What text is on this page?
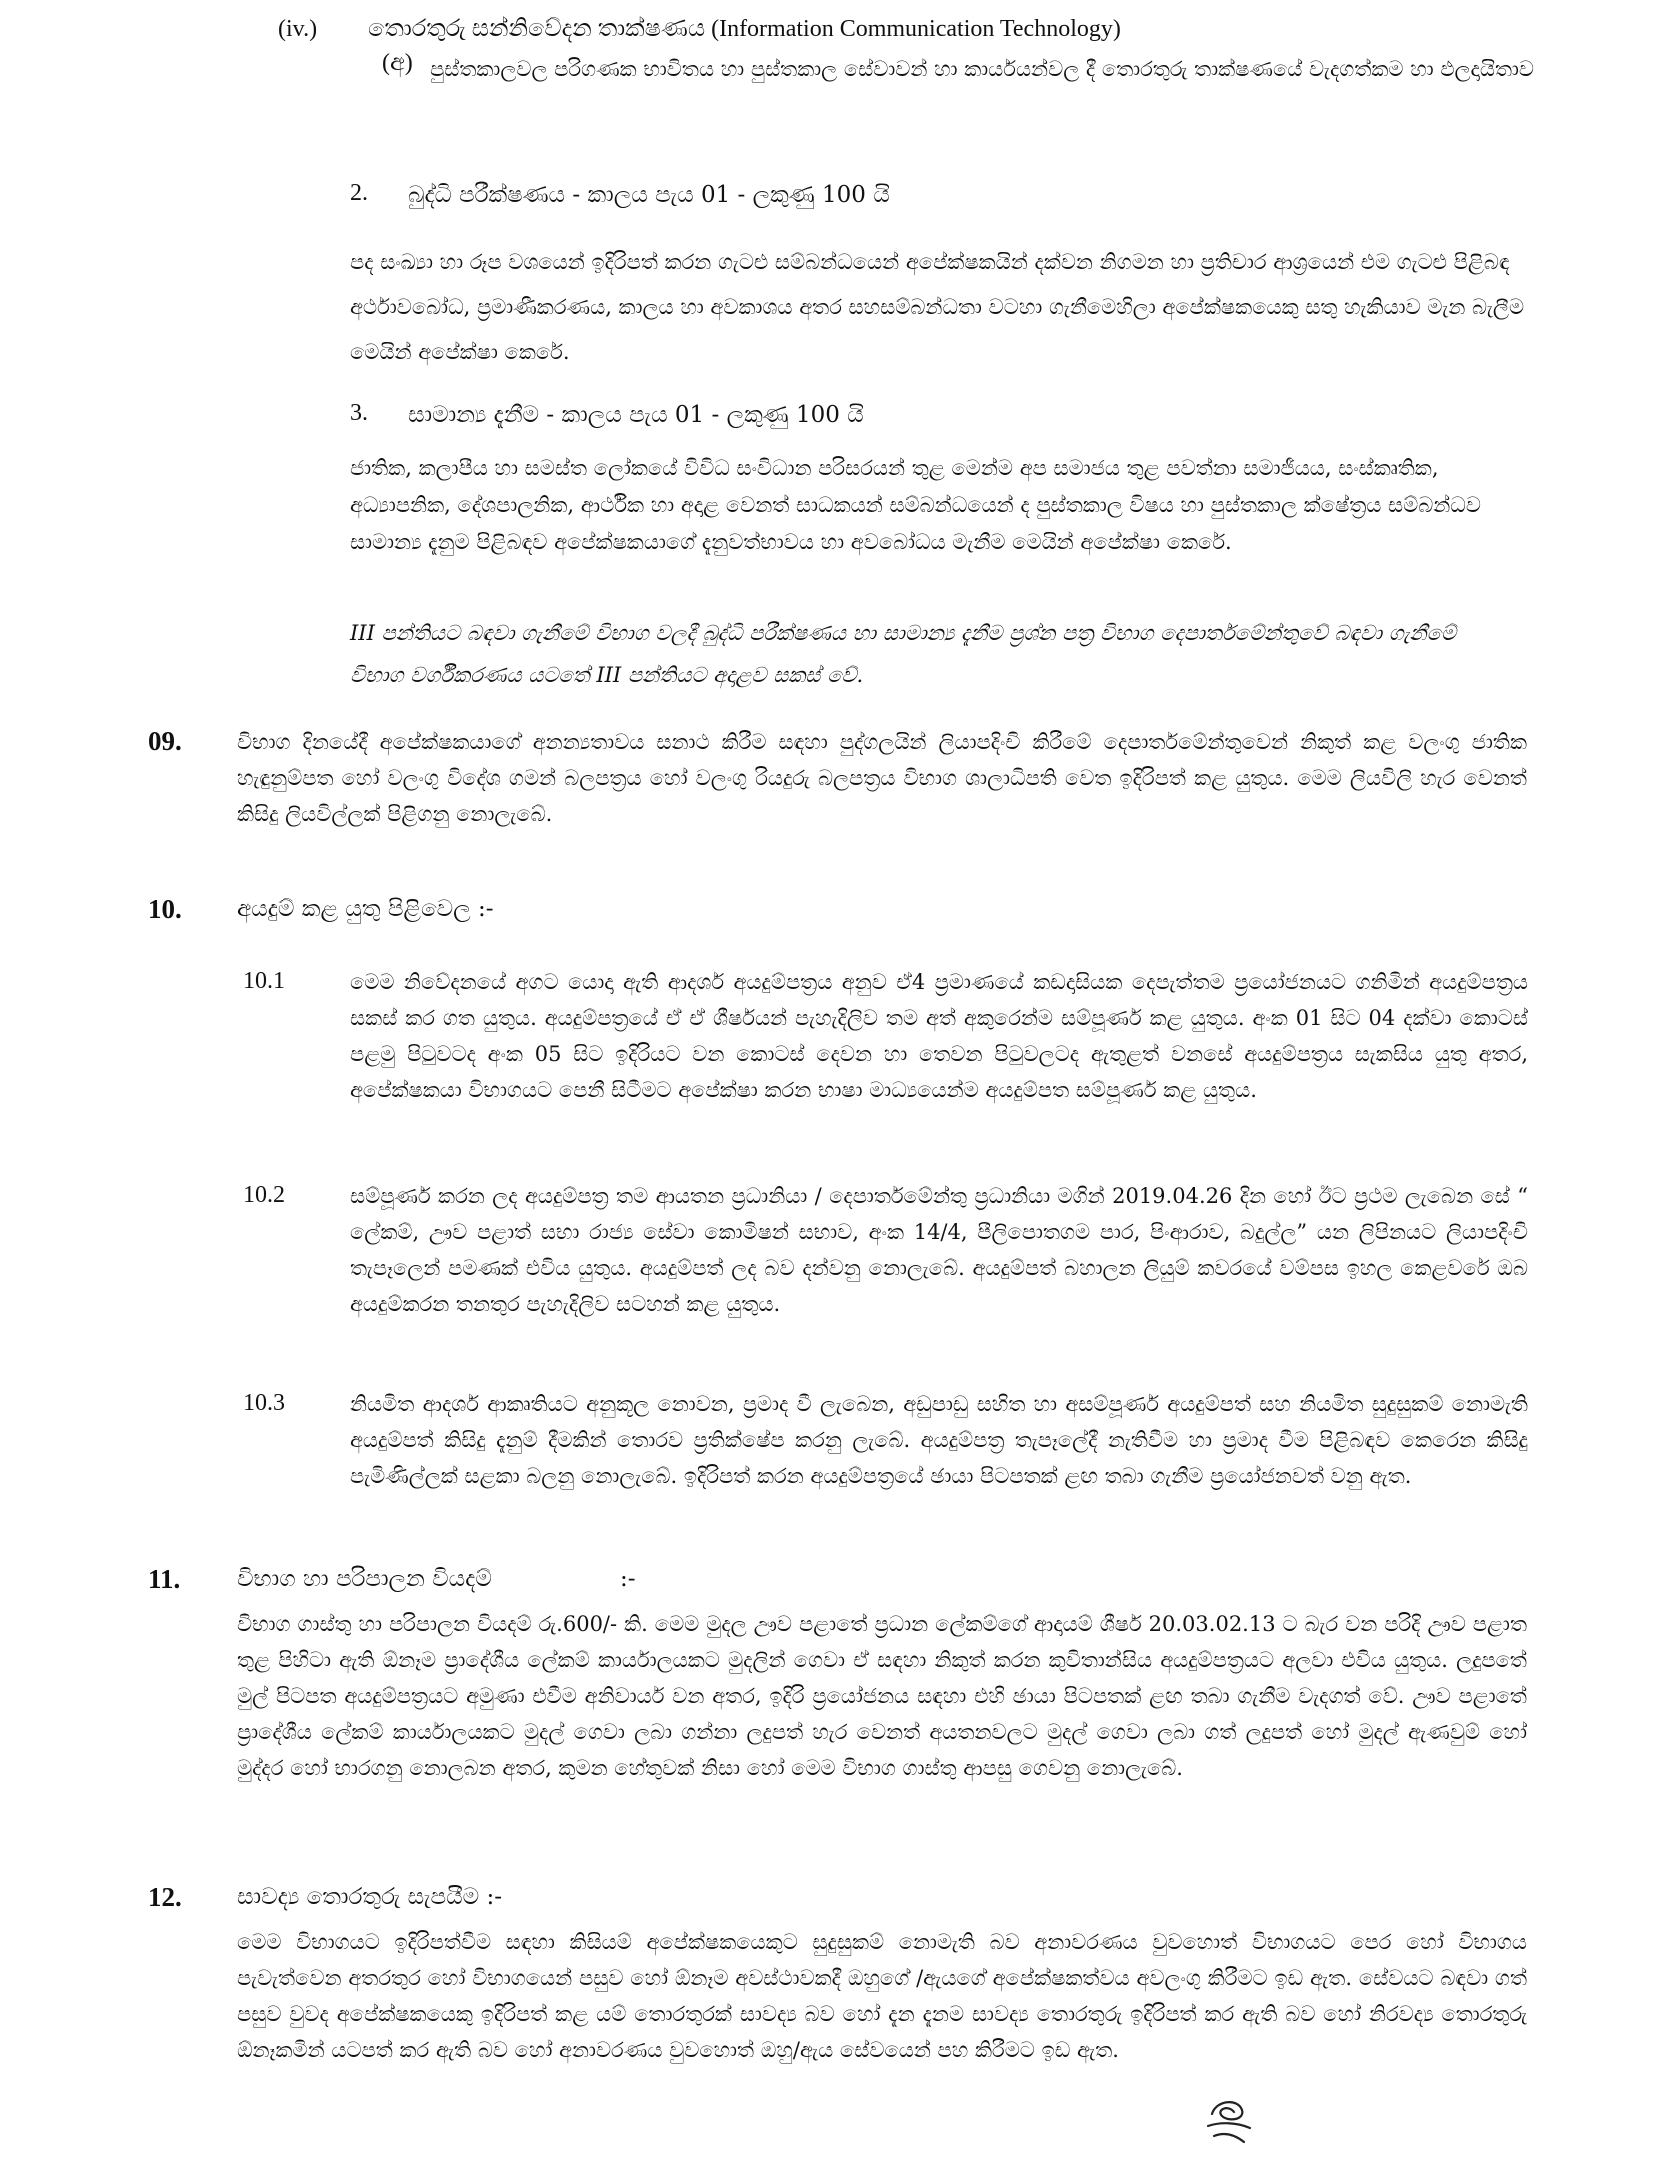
(iv.) තොරතුරු සන්නිවේදන තාක්ෂණය (Information Communication Technology)
(අ) පුස්තකාලවල පරිගණක භාවිතය හා පුස්තකාල සේවාවන් හා කාර්යයන්වල දී තොරතුරු තාක්ෂණයේ වැදගත්කම හා ඵලදායිතාව
2. බුද්ධි පරීක්ෂණය - කාලය පැය 01 - ලකුණු 100 යි
පද සංඛ්‍යා හා රූප වශයෙන් ඉදිරිපත් කරන ගැටළු සම්බන්ධයෙන් අපේක්ෂකයින් දක්වන නිගමන හා ප්‍රතිචාර ආශ්‍රයෙන් එම ගැටළු පිළිබඳ අර්ථාවබෝධ, ප්‍රමාණීකරණය, කාලය හා අවකාශය අතර සහසම්බන්ධතා වටහා ගැනීමෙහිලා අපේක්ෂකයෙකු සතු හැකියාව මැන බැලීම මෙයින් අපේක්ෂා කෙරේ.
3. සාමාන්‍ය දැනීම - කාලය පැය 01 - ලකුණු 100 යි
ජාතික, කලාපීය හා සමස්ත ලෝකයේ විවිධ සංවිධාන පරිසරයන් තුළ මෙන්ම අප සමාජය තුළ පවත්නා සමාජීයය, සංස්කෘතික, අධ්‍යාපනික, දේශපාලනික, ආර්ථික හා අදාළ වෙනත් සාධකයන් සම්බන්ධයෙන් ද පුස්තකාල විෂය හා පුස්තකාල ක්ෂේත්‍රය සම්බන්ධව සාමාන්‍ය දැනුම පිළිබඳව අපේක්ෂකයාගේ දැනුවත්භාවය හා අවබෝධය මැනීම මෙයින් අපේක්ෂා කෙරේ.
III පන්තියට බඳවා ගැනීමේ විභාග වලදී බුද්ධි පරීක්ෂණය හා සාමාන්‍ය දැනීම ප්‍රශ්න පත්‍ර විභාග දෙපාර්තමේන්තුවේ බඳවා ගැනීමේ විභාග වර්ගීකරණය යටතේ III පන්තියට අදාළව සකස් වේ.
09.	විභාග දිනයේදී අපේක්ෂකයාගේ අනන්‍යතාවය සනාථ කිරීම සඳහා පුද්ගලයින් ලියාපදිංචි කිරීමේ දෙපාර්තමේන්තුවෙන් නිකුත් කළ වලංගු ජාතික හැඳුනුම්පත හෝ වලංගු විදේශ ගමන් බලපත්‍රය හෝ වලංගු රියදුරු බලපත්‍රය විභාග ශාලාධිපති වෙත ඉදිරිපත් කළ යුතුය. මෙම ලියවිලි හැර වෙනත් කිසිදු ලියවිල්ලක් පිළිගනු නොලැබේ.
10. අයදුම් කළ යුතු පිළිවෙල :-
10.1	මෙම නිවේදනයේ අගට යොදා ඇති ආදර්ශ අයදුම්පත්‍රය අනුව ඒ4 ප්‍රමාණයේ කඩදාසියක දෙපැත්තම ප්‍රයෝජනයට ගනිමින් අයදුම්පත්‍රය සකස් කර ගත යුතුය. අයදුම්පත්‍රයේ ඒ ඒ ශීර්ෂයන් පැහැදිලිව තම අත් අකුරෙන්ම සම්පූර්ණ කළ යුතුය. අංක 01 සිට 04 දක්වා කොටස් පළමු පිටුවටද අංක 05 සිට ඉදිරියට වන කොටස් දෙවන හා තෙවන පිටුවලටද ඇතුළත් වනසේ අයදුම්පත්‍රය සැකසිය යුතු අතර, අපේක්ෂකයා විභාගයට පෙනී සිටීමට අපේක්ෂා කරන භාෂා මාධ්‍යයෙන්ම අයදුම්පත සම්පූර්ණ කළ යුතුය.
10.2	සම්පූර්ණ කරන ලද අයදුම්පත්‍ර තම ආයතන ප්‍රධානියා / දෙපාර්තමේන්තු ප්‍රධානියා මගින් 2019.04.26 දින හෝ ඊට ප්‍රථම ලැබෙන සේ “ ලේකම්, ඌව පළාත් සභා රාජ්‍ය සේවා කොමිෂන් සභාව, අංක 14/4, පීලිපොතගම පාර, පිංආරාව, බදුල්ල” යන ලිපිනයට ලියාපදිංචි තැපෑලෙන් පමණක් එවිය යුතුය. අයදුම්පත් ලද බව දන්වනු නොලැබේ. අයදුම්පත් බහාලන ලියුම් කවරයේ වම්පස ඉහල කෙළවරේ ඔබ අයදුම්කරන තනතුර පැහැදිලිව සටහන් කළ යුතුය.
10.3	නියමිත ආදර්ශ ආකෘතියට අනුකූල නොවන, ප්‍රමාද වී ලැබෙන, අඩුපාඩු සහිත හා අසම්පූර්ණ අයදුම්පත් සහ නියමිත සුදුසුකම් නොමැති අයදුම්පත් කිසිදු දැනුම් දීමකින් තොරව ප්‍රතික්ෂේප කරනු ලැබේ. අයදුම්පත්‍ර තැපෑලේදී නැතිවීම හා ප්‍රමාද වීම පිළිබඳව කෙරෙන කිසිදු පැමිණිල්ලක් සළකා බලනු නොලැබේ. ඉදිරිපත් කරන අයදුම්පත්‍රයේ ඡායා පිටපතක් ළඟ තබා ගැනීම ප්‍රයෝජනවත් වනු ඇත.
11. විභාග හා පරිපාලන වියදම්	:-
විභාග ගාස්තු හා පරිපාලන වියදම් රු.600/- කි. මෙම මුදල ඌව පළාතේ ප්‍රධාන ලේකම්ගේ ආදායම් ශීර්ෂ 20.03.02.13 ට බැර වන පරිදි ඌව පළාත තුළ පිහිටා ඇති ඕනෑම ප්‍රාදේශීය ලේකම් කාර්යාලයකට මුදලින් ගෙවා ඒ සඳහා නිකුත් කරන කුවිතාන්සිය අයදුම්පත්‍රයට අලවා එවිය යුතුය. ලදුපතේ මුල් පිටපත අයදුම්පත්‍රයට අමුණා එවීම අනිවාර්ය වන අතර, ඉදිරි ප්‍රයෝජනය සඳහා එහි ඡායා පිටපතක් ළඟ තබා ගැනීම වැදගත් වේ. ඌව පළාතේ ප්‍රාදේශීය ලේකම් කාර්යාලයකට මුදල් ගෙවා ලබා ගන්නා ලදුපත් හැර වෙනත් අයතනවලට මුදල් ගෙවා ලබා ගත් ලදුපත් හෝ මුදල් ඇණවුම් හෝ මුද්දර හෝ භාරගනු නොලබන අතර, කුමන හේතුවක් නිසා හෝ මෙම විභාග ගාස්තු ආපසු ගෙවනු නොලැබේ.
12. සාවද්‍ය තොරතුරු සැපයීම :-
මෙම විභාගයට ඉදිරිපත්වීම සඳහා කිසියම් අපේක්ෂකයෙකුට සුදුසුකම් නොමැති බව අනාවරණය වුවහොත් විභාගයට පෙර හෝ විභාගය පැවැත්වෙන අතරතුර හෝ විභාගයෙන් පසුව හෝ ඕනෑම අවස්ථාවකදී ඔහුගේ /ඇයගේ අපේක්ෂකත්වය අවලංගු කිරීමට ඉඩ ඇත. සේවයට බඳවා ගත් පසුව වුවද අපේක්ෂකයෙකු ඉදිරිපත් කළ යම් තොරතුරක් සාවද්‍ය බව හෝ දැන දැනම සාවද්‍ය තොරතුරු ඉදිරිපත් කර ඇති බව හෝ නිරවද්‍ය තොරතුරු ඕනෑකමින් යටපත් කර ඇති බව හෝ අනාවරණය වුවහොත් ඔහු/ඇය සේවයෙන් පහ කිරීමට ඉඩ ඇත.
